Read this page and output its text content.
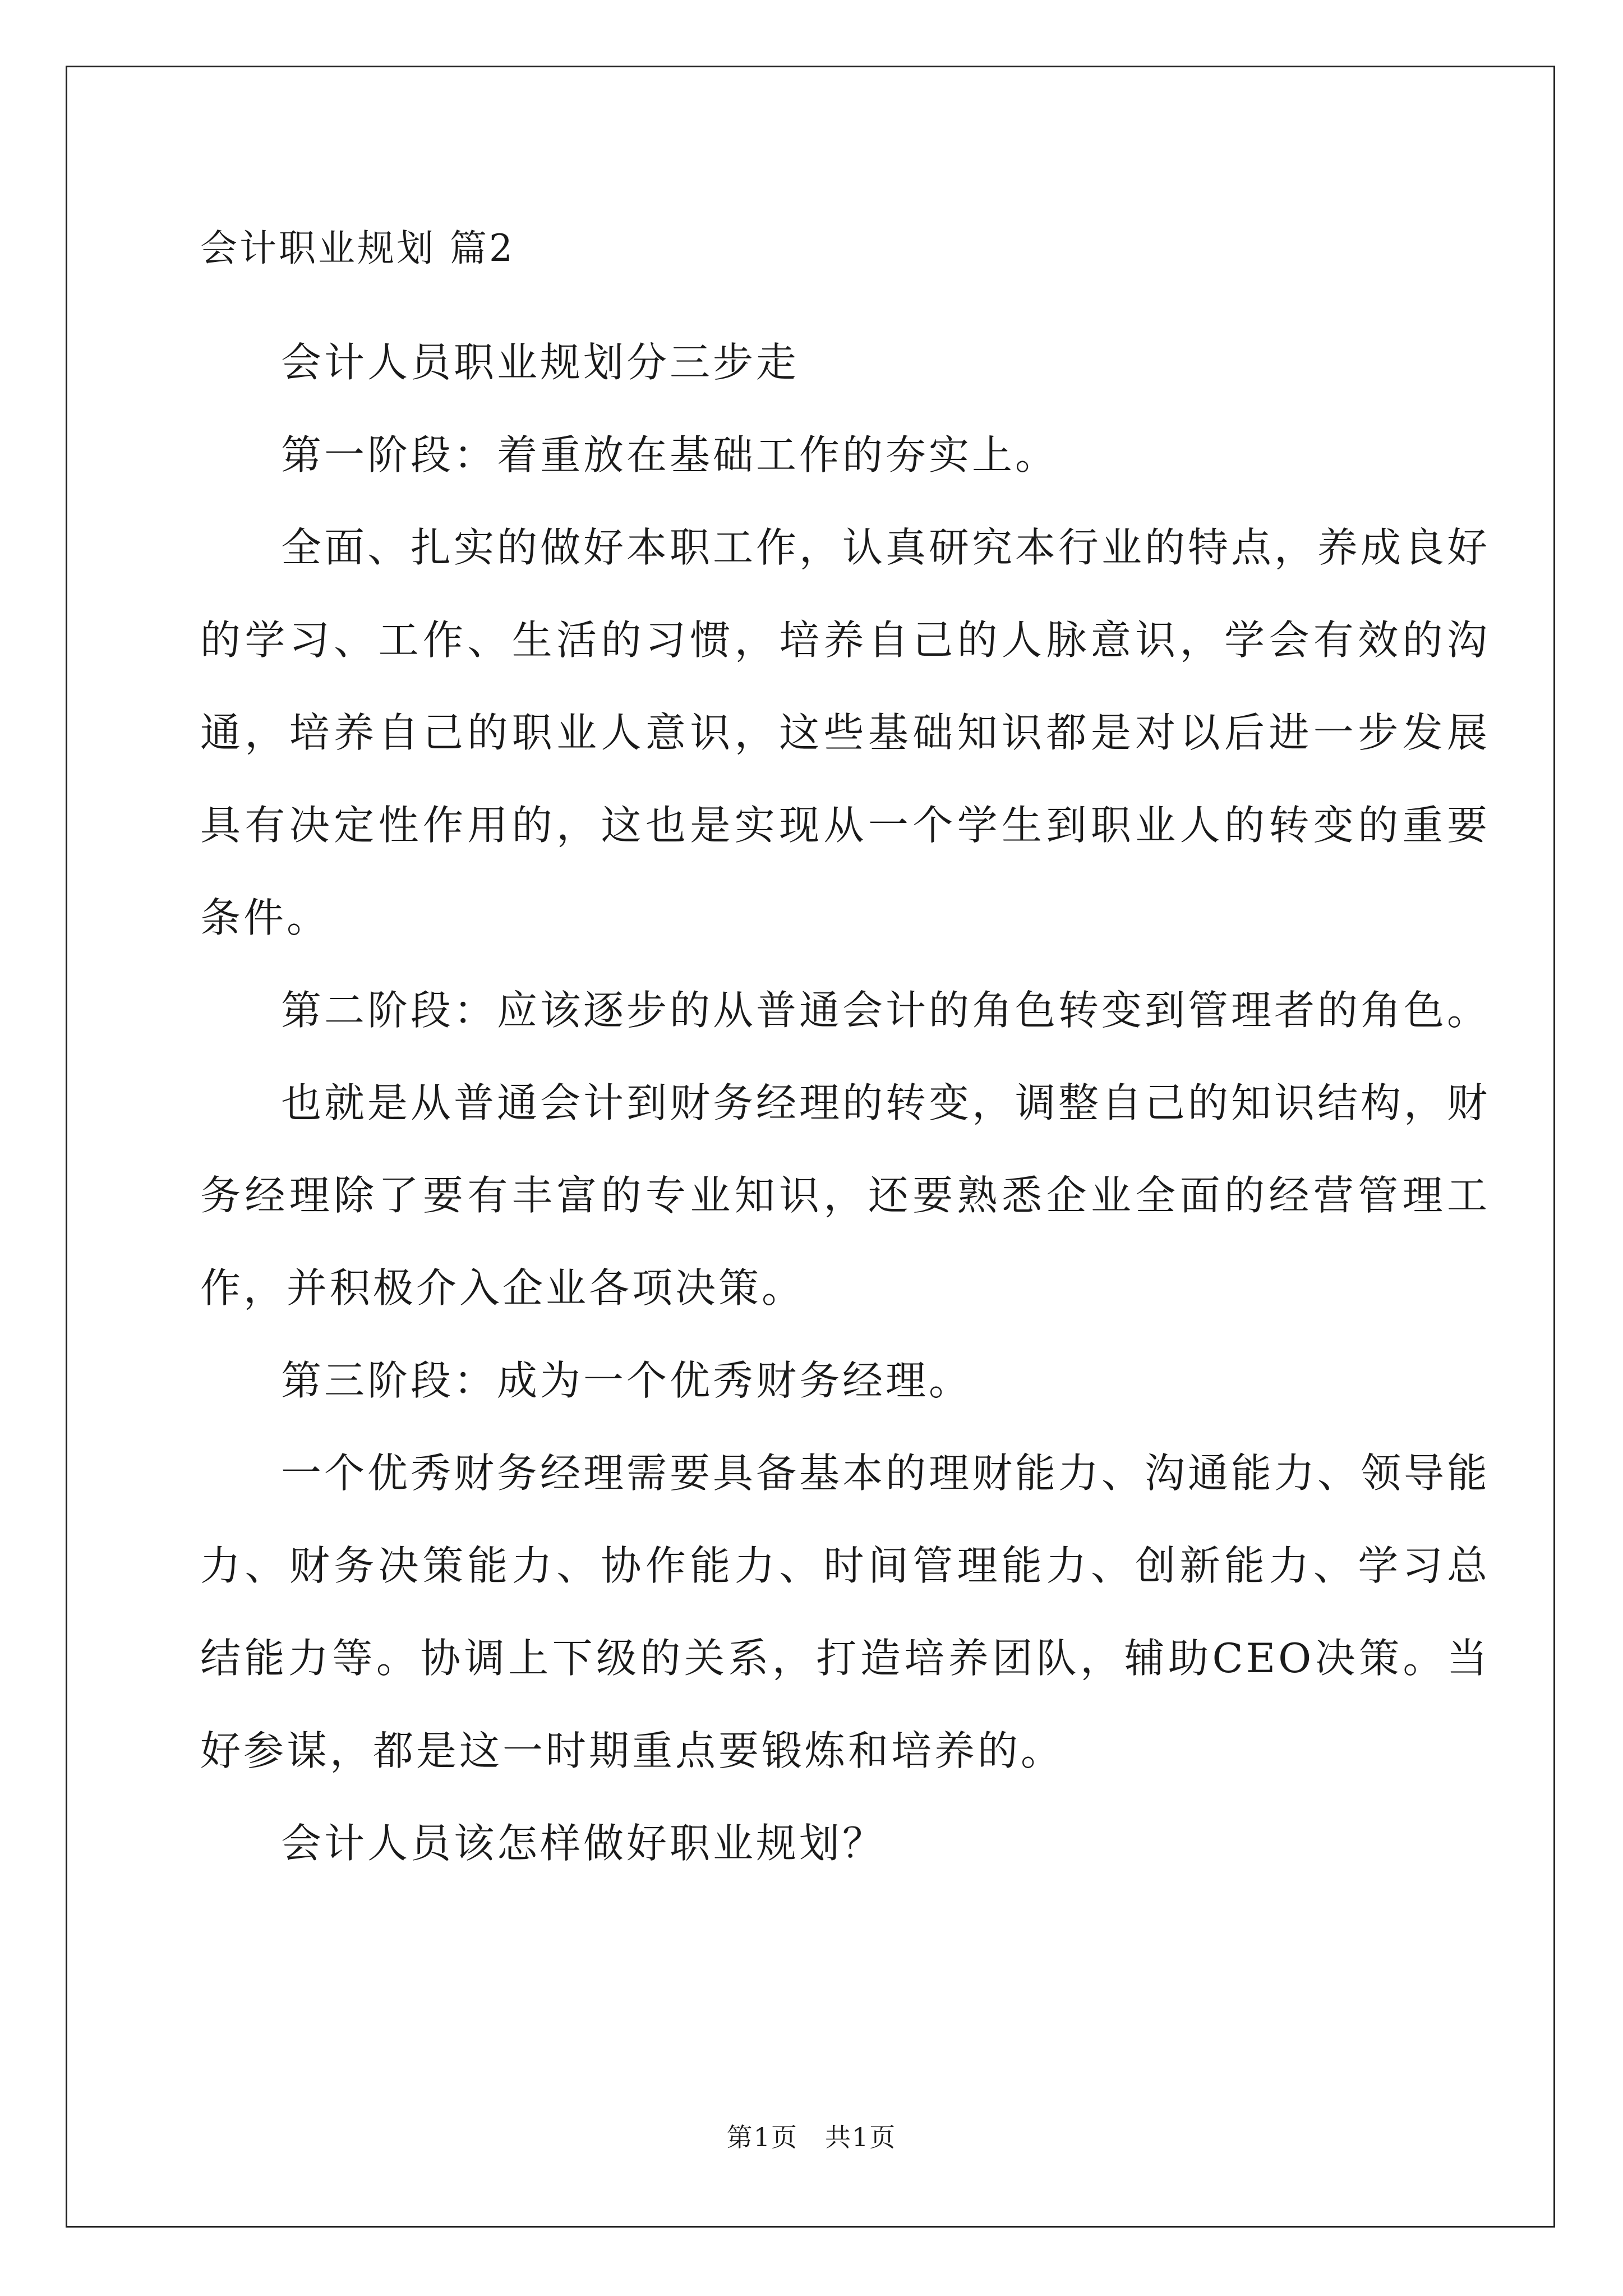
会计职业规划 篇2

会计人员职业规划分三步走

第一阶段：着重放在基础工作的夯实上。

全面、扎实的做好本职工作，认真研究本行业的特点，养成良好的学习、工作、生活的习惯，培养自己的人脉意识，学会有效的沟通，培养自己的职业人意识，这些基础知识都是对以后进一步发展具有决定性作用的，这也是实现从一个学生到职业人的转变的重要条件。

第二阶段：应该逐步的从普通会计的角色转变到管理者的角色。

也就是从普通会计到财务经理的转变，调整自己的知识结构，财务经理除了要有丰富的专业知识，还要熟悉企业全面的经营管理工作，并积极介入企业各项决策。

第三阶段：成为一个优秀财务经理。

一个优秀财务经理需要具备基本的理财能力、沟通能力、领导能力、财务决策能力、协作能力、时间管理能力、创新能力、学习总结能力等。协调上下级的关系，打造培养团队，辅助CEO决策。当好参谋，都是这一时期重点要锻炼和培养的。

会计人员该怎样做好职业规划？

第1页　共1页
